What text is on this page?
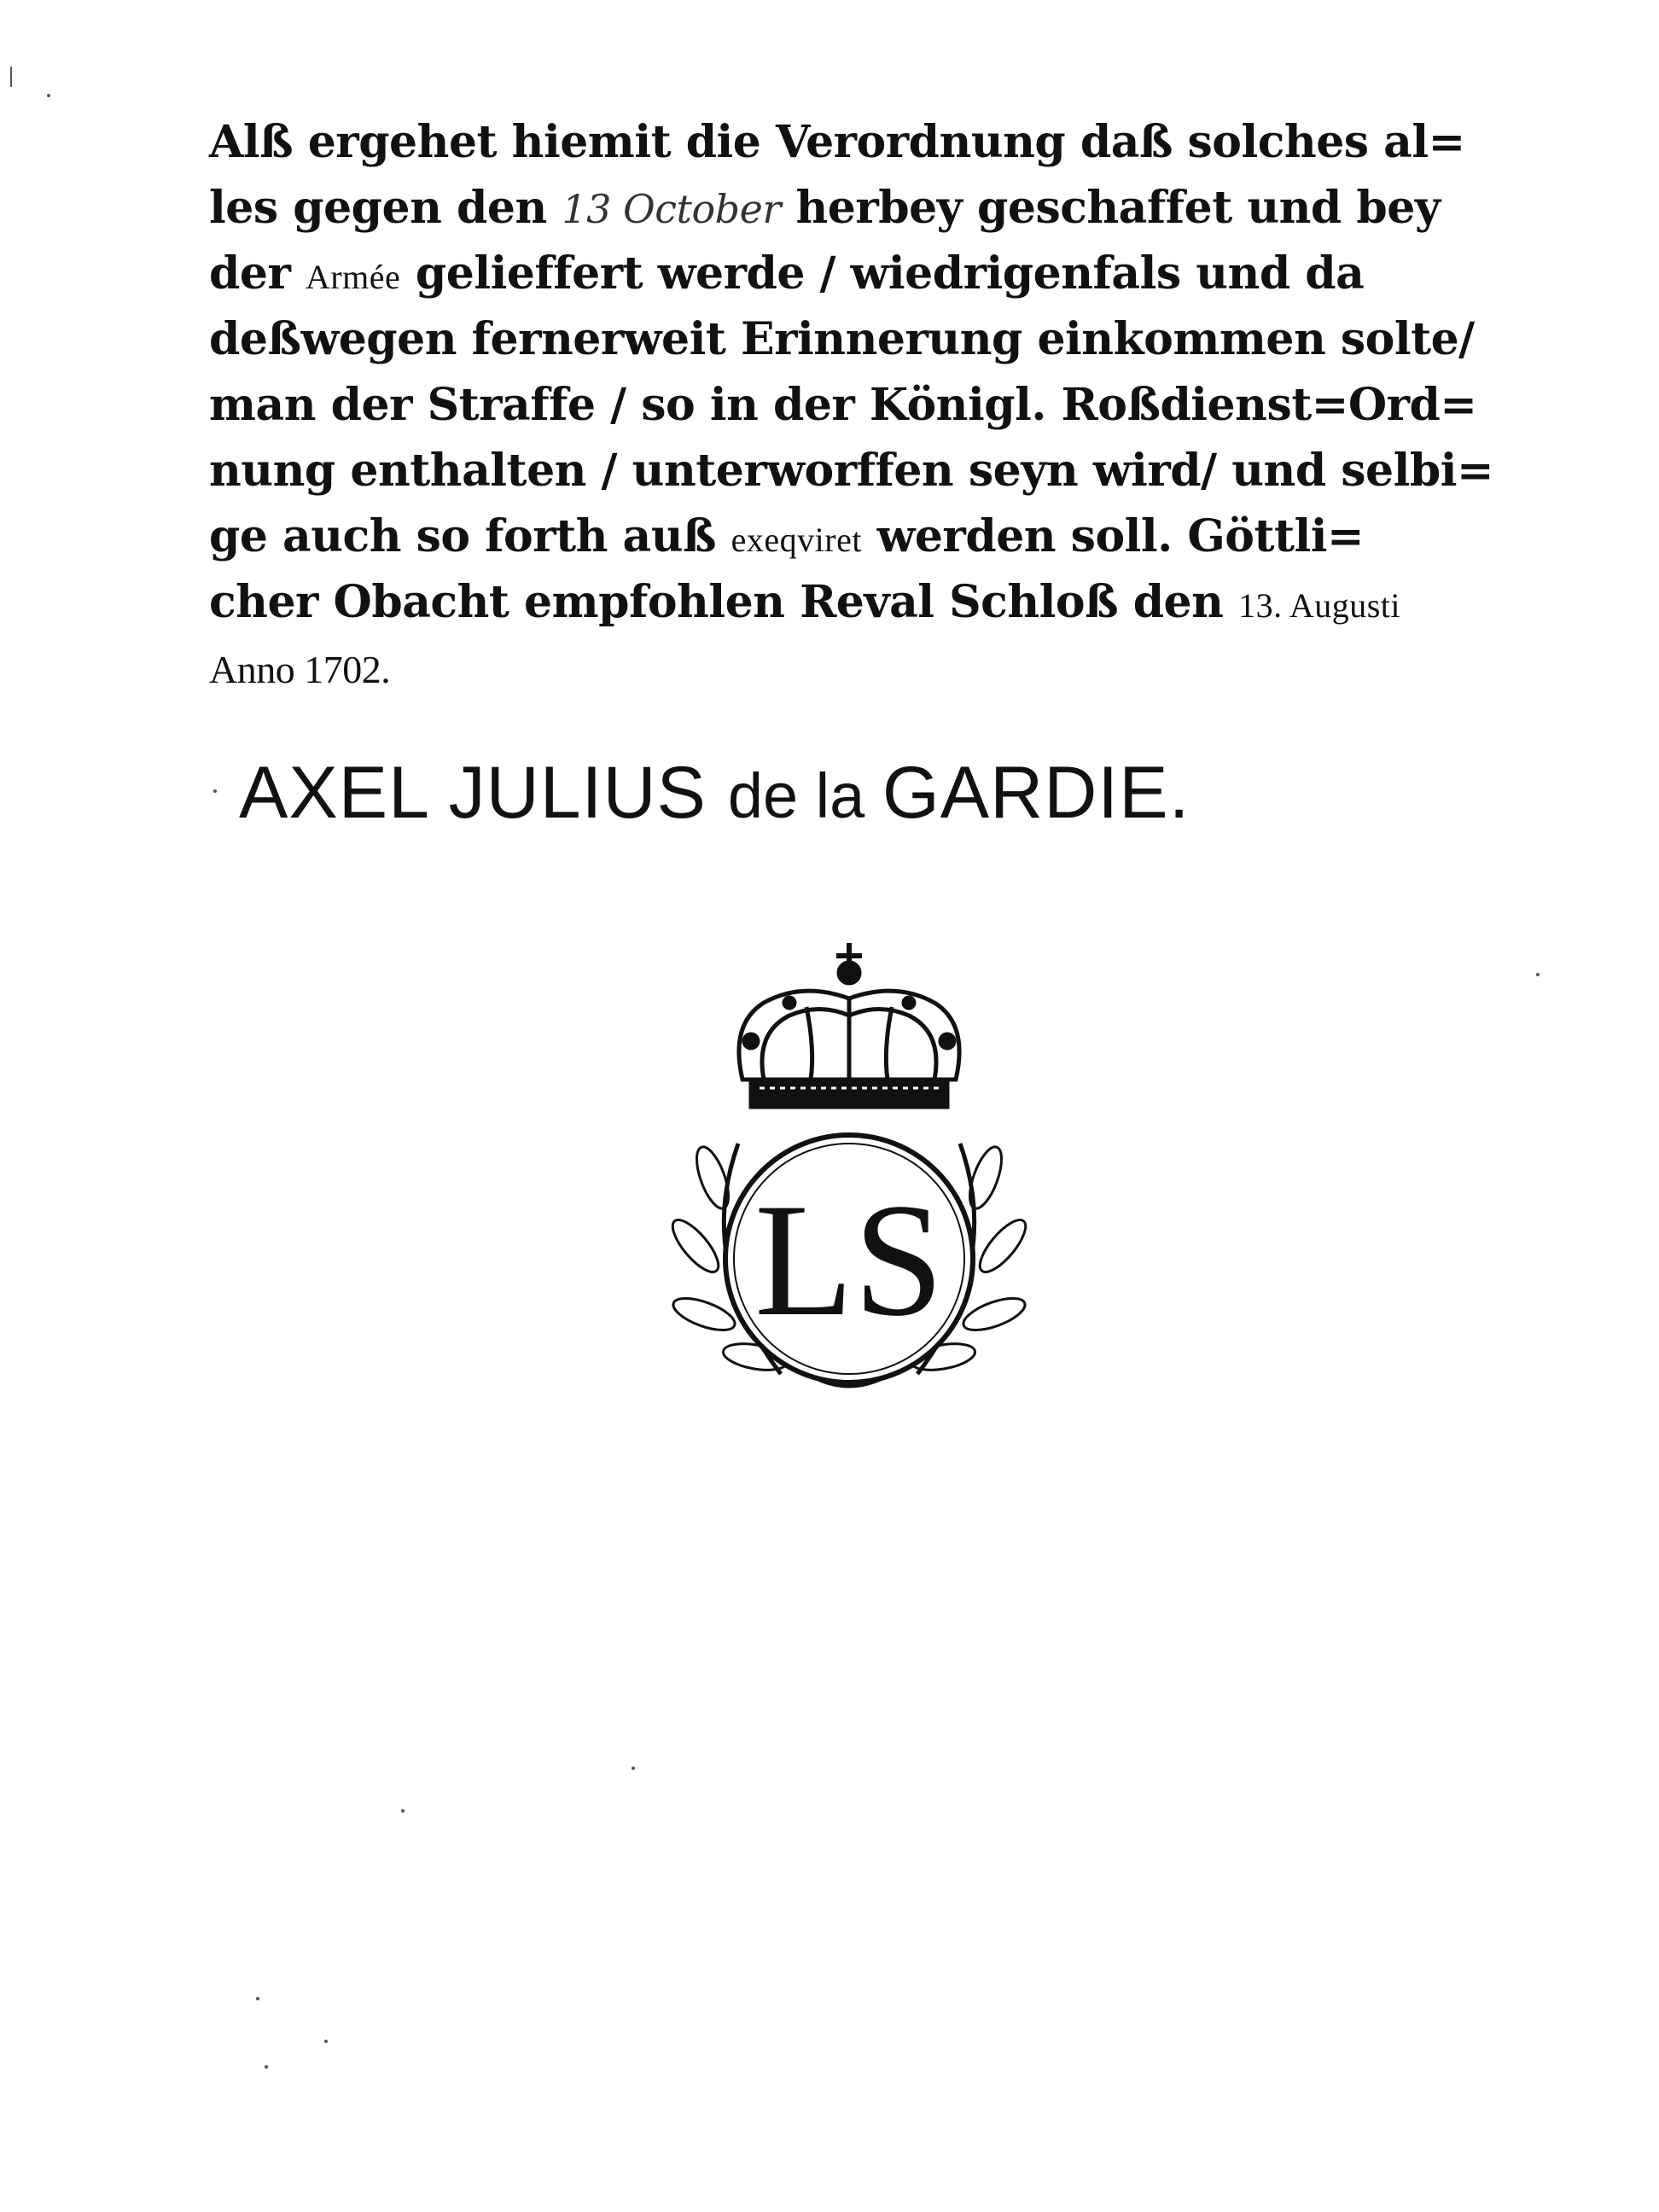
Alß ergehet hiemit die Verordnung daß solches al=
les gegen den 13 October herbey geschaffet und bey
der Armée gelieffert werde / wiedrigenfals und da
deßwegen fernerweit Erinnerung einkommen solte/
man der Straffe / so in der Königl. Roßdienst=Ord=
nung enthalten / unterworffen seyn wird/ und selbi=
ge auch so forth auß exeqviret werden soll. Göttli=
cher Obacht empfohlen Reval Schloß den 13. Augusti
Anno 1702.
AXEL JULIUS de la GARDIE.
LS
